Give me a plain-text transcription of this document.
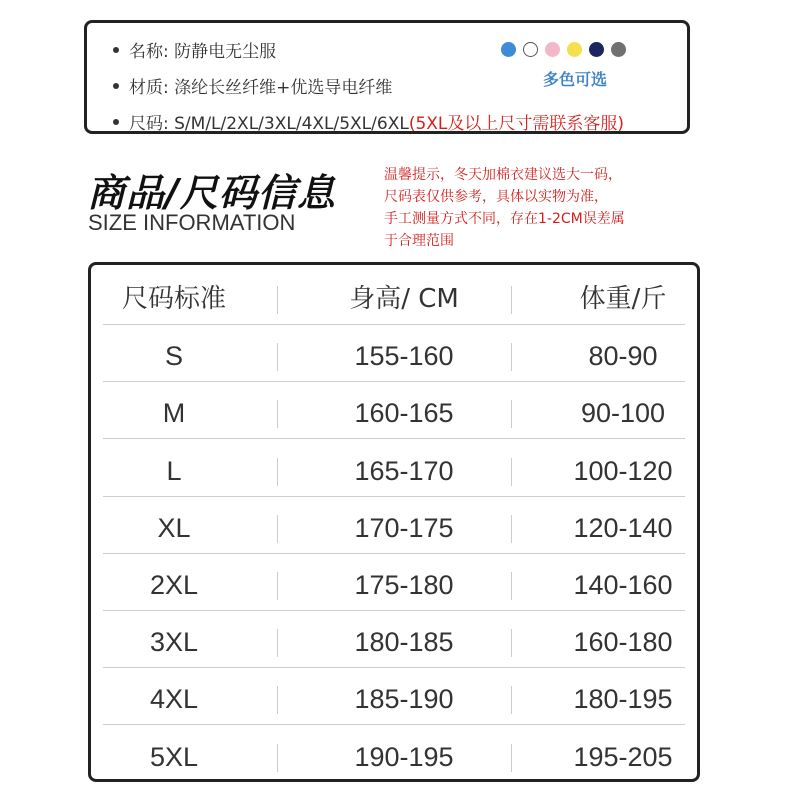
名称: 防静电无尘服
材质: 涤纶长丝纤维+优选导电纤维
尺码: S/M/L/2XL/3XL/4XL/5XL/6XL(5XL及以上尺寸需联系客服)
多色可选
商品/尺码信息
SIZE INFORMATION
温馨提示，冬天加棉衣建议选大一码，
尺码表仅供参考，具体以实物为准，
手工测量方式不同，存在1-2CM误差属
于合理范围
尺码标准	身高/ CM	体重/斤
S	155-160	80-90
M	160-165	90-100
L	165-170	100-120
XL	170-175	120-140
2XL	175-180	140-160
3XL	180-185	160-180
4XL	185-190	180-195
5XL	190-195	195-205
